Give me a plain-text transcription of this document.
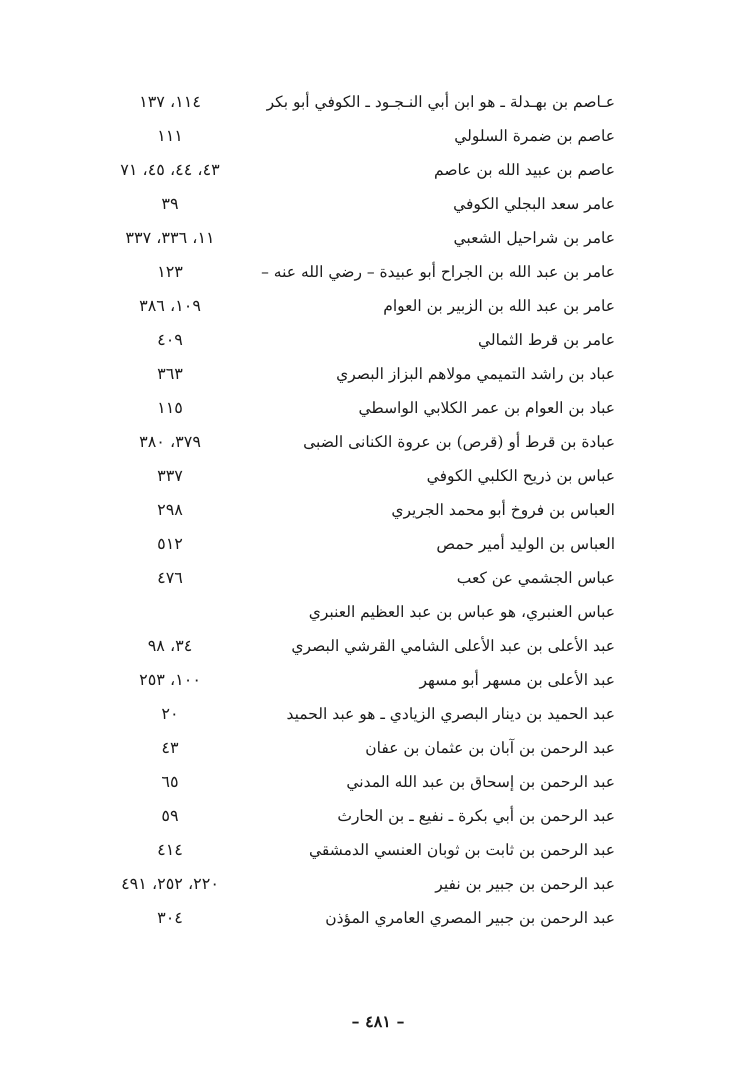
عـاصم بن بهـدلة ـ هو ابن أبي النـجـود ـ الكوفي أبو بكر
١١٤، ١٣٧
عاصم بن ضمرة السلولي
١١١
عاصم بن عبيد الله بن عاصم
٤٣، ٤٤، ٤٥، ٧١
عامر سعد البجلي الكوفي
٣٩
عامر بن شراحيل الشعبي
١١، ٣٣٦، ٣٣٧
عامر بن عبد الله بن الجراح أبو عبيدة – رضي الله عنه –
١٢٣
عامر بن عبد الله بن الزبير بن العوام
١٠٩، ٣٨٦
عامر بن قرط الثمالي
٤٠٩
عباد بن راشد التميمي مولاهم البزاز البصري
٣٦٣
عباد بن العوام بن عمر الكلابي الواسطي
١١٥
عبادة بن قرط أو (قرص) بن عروة الكنانى الضبى
٣٧٩، ٣٨٠
عباس بن ذريح الكلبي الكوفي
٣٣٧
العباس بن فروخ أبو محمد الجريري
٢٩٨
العباس بن الوليد أمير حمص
٥١٢
عباس الجشمي عن كعب
٤٧٦
عباس العنبري، هو عباس بن عبد العظيم العنبري
عبد الأعلى بن عبد الأعلى الشامي القرشي البصري
٣٤، ٩٨
عبد الأعلى بن مسهر أبو مسهر
١٠٠، ٢٥٣
عبد الحميد بن دينار البصري الزيادي ـ هو عبد الحميد
٢٠
عبد الرحمن بن آبان بن عثمان بن عفان
٤٣
عبد الرحمن بن إسحاق بن عبد الله المدني
٦٥
عبد الرحمن بن أبي بكرة ـ نفيع ـ بن الحارث
٥٩
عبد الرحمن بن ثابت بن ثوبان العنسي الدمشقي
٤١٤
عبد الرحمن بن جبير بن نفير
٢٢٠، ٢٥٢، ٤٩١
عبد الرحمن بن جبير المصري العامري المؤذن
٣٠٤
– ٤٨١ –
